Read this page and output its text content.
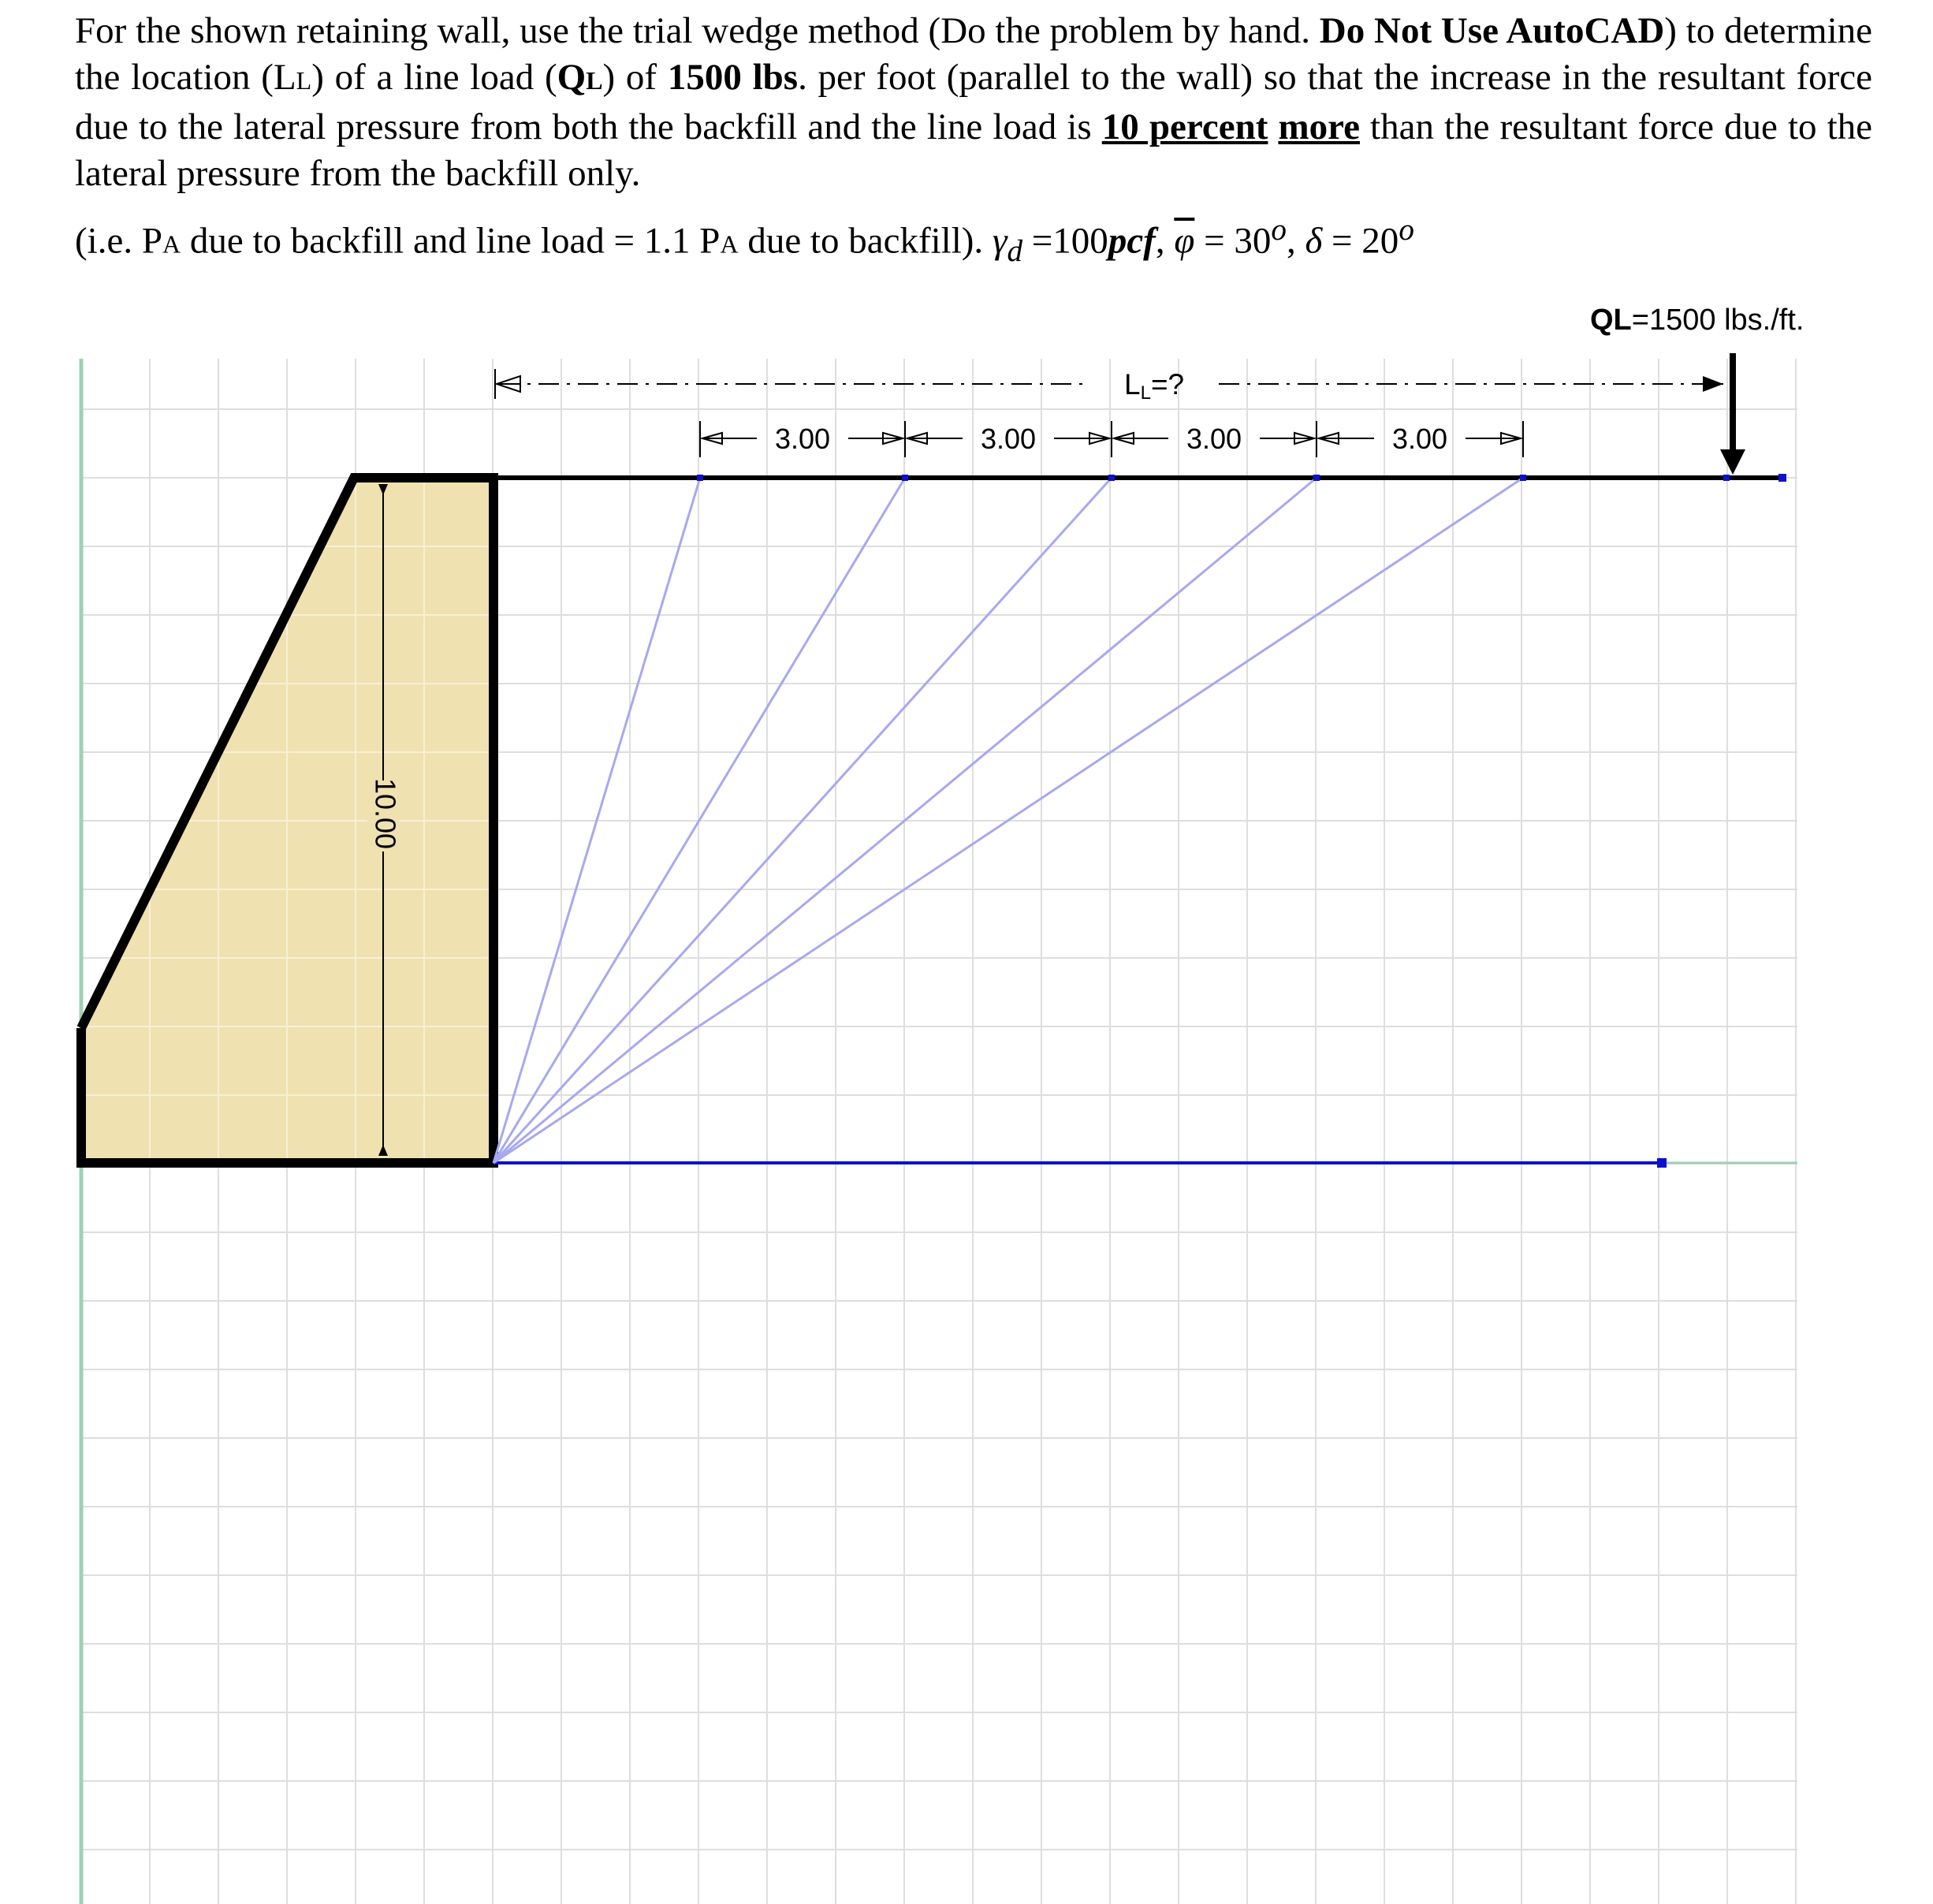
For the shown retaining wall, use the trial wedge method (Do the problem by hand. Do Not Use AutoCAD) to determine the location (LL) of a line load (QL) of 1500 lbs. per foot (parallel to the wall) so that the increase in the resultant force due to the lateral pressure from both the backfill and the line load is 10 percent more than the resultant force due to the lateral pressure from the backfill only.

(i.e. PA due to backfill and line load = 1.1 PA due to backfill). $\gamma_d =100pcf$, $\overline{\varphi} = 30^o$, $\delta = 20^o$

10.00
LL=?
3.00	3.00	3.00	3.00
QL=1500 lbs./ft.
